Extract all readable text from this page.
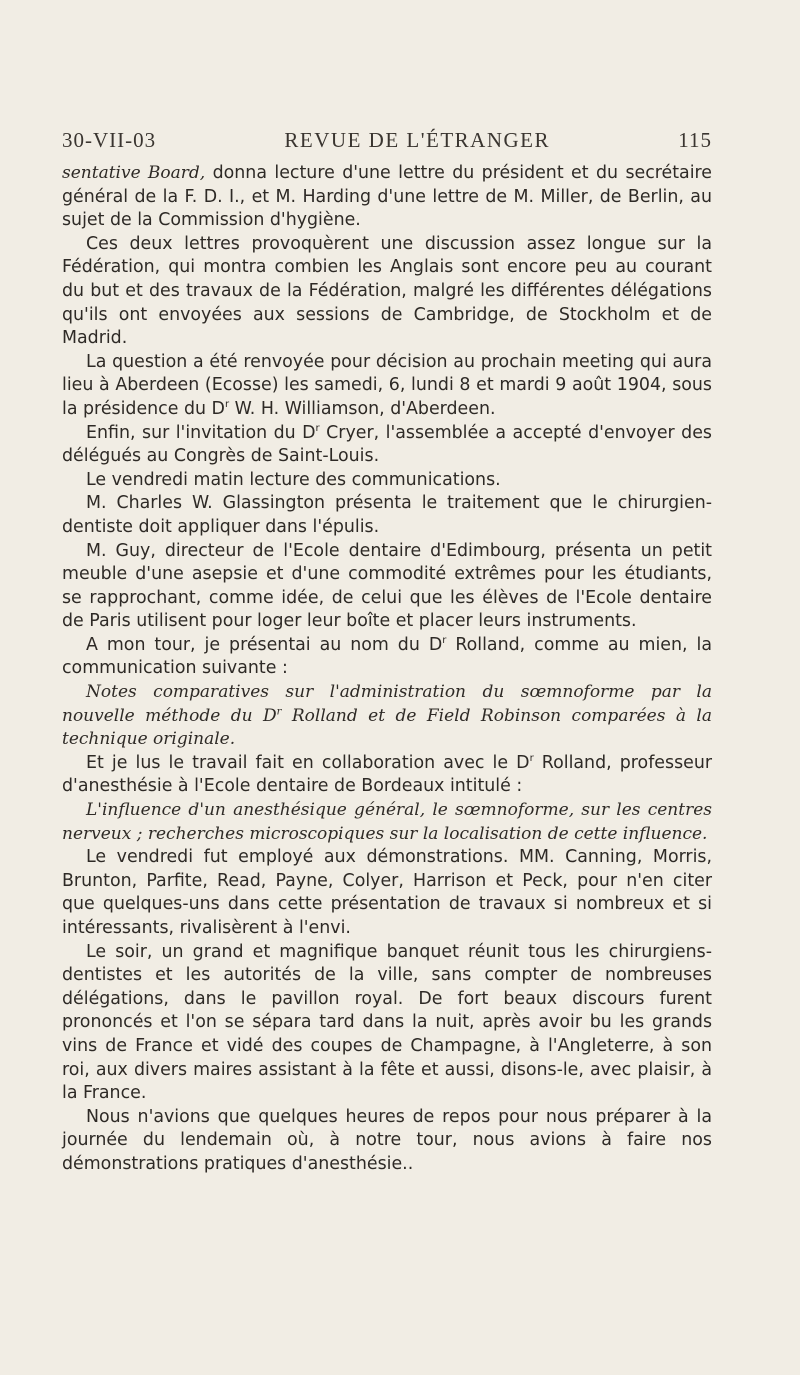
30-VII-03	REVUE DE L'ÉTRANGER	115

sentative Board, donna lecture d'une lettre du président et du secrétaire général de la F. D. I., et M. Harding d'une lettre de M. Miller, de Berlin, au sujet de la Commission d'hygiène.

Ces deux lettres provoquèrent une discussion assez longue sur la Fédération, qui montra combien les Anglais sont encore peu au courant du but et des travaux de la Fédération, malgré les différentes délégations qu'ils ont envoyées aux sessions de Cambridge, de Stockholm et de Madrid.

La question a été renvoyée pour décision au prochain meeting qui aura lieu à Aberdeen (Ecosse) les samedi, 6, lundi 8 et mardi 9 août 1904, sous la présidence du $D^r$ W. H. Williamson, d'Aberdeen.

Enfin, sur l'invitation du $D^r$ Cryer, l'assemblée a accepté d'envoyer des délégués au Congrès de Saint-Louis.

Le vendredi matin lecture des communications.

M. Charles W. Glassington présenta le traitement que le chirurgien-dentiste doit appliquer dans l'épulis.

M. Guy, directeur de l'Ecole dentaire d'Edimbourg, présenta un petit meuble d'une asepsie et d'une commodité extrêmes pour les étudiants, se rapprochant, comme idée, de celui que les élèves de l'Ecole dentaire de Paris utilisent pour loger leur boîte et placer leurs instruments.

A mon tour, je présentai au nom du $D^r$ Rolland, comme au mien, la communication suivante :

Notes comparatives sur l'administration du sœmnoforme par la nouvelle méthode du $D^r$ Rolland et de Field Robinson comparées à la technique originale.

Et je lus le travail fait en collaboration avec le $D^r$ Rolland, professeur d'anesthésie à l'Ecole dentaire de Bordeaux intitulé :

L'influence d'un anesthésique général, le sœmnoforme, sur les centres nerveux ; recherches microscopiques sur la localisation de cette influence.

Le vendredi fut employé aux démonstrations. MM. Canning, Morris, Brunton, Parfite, Read, Payne, Colyer, Harrison et Peck, pour n'en citer que quelques-uns dans cette présentation de travaux si nombreux et si intéressants, rivalisèrent à l'envi.

Le soir, un grand et magnifique banquet réunit tous les chirurgiens-dentistes et les autorités de la ville, sans compter de nombreuses délégations, dans le pavillon royal. De fort beaux discours furent prononcés et l'on se sépara tard dans la nuit, après avoir bu les grands vins de France et vidé des coupes de Champagne, à l'Angleterre, à son roi, aux divers maires assistant à la fête et aussi, disons-le, avec plaisir, à la France.

Nous n'avions que quelques heures de repos pour nous préparer à la journée du lendemain où, à notre tour, nous avions à faire nos démonstrations pratiques d'anesthésie..
